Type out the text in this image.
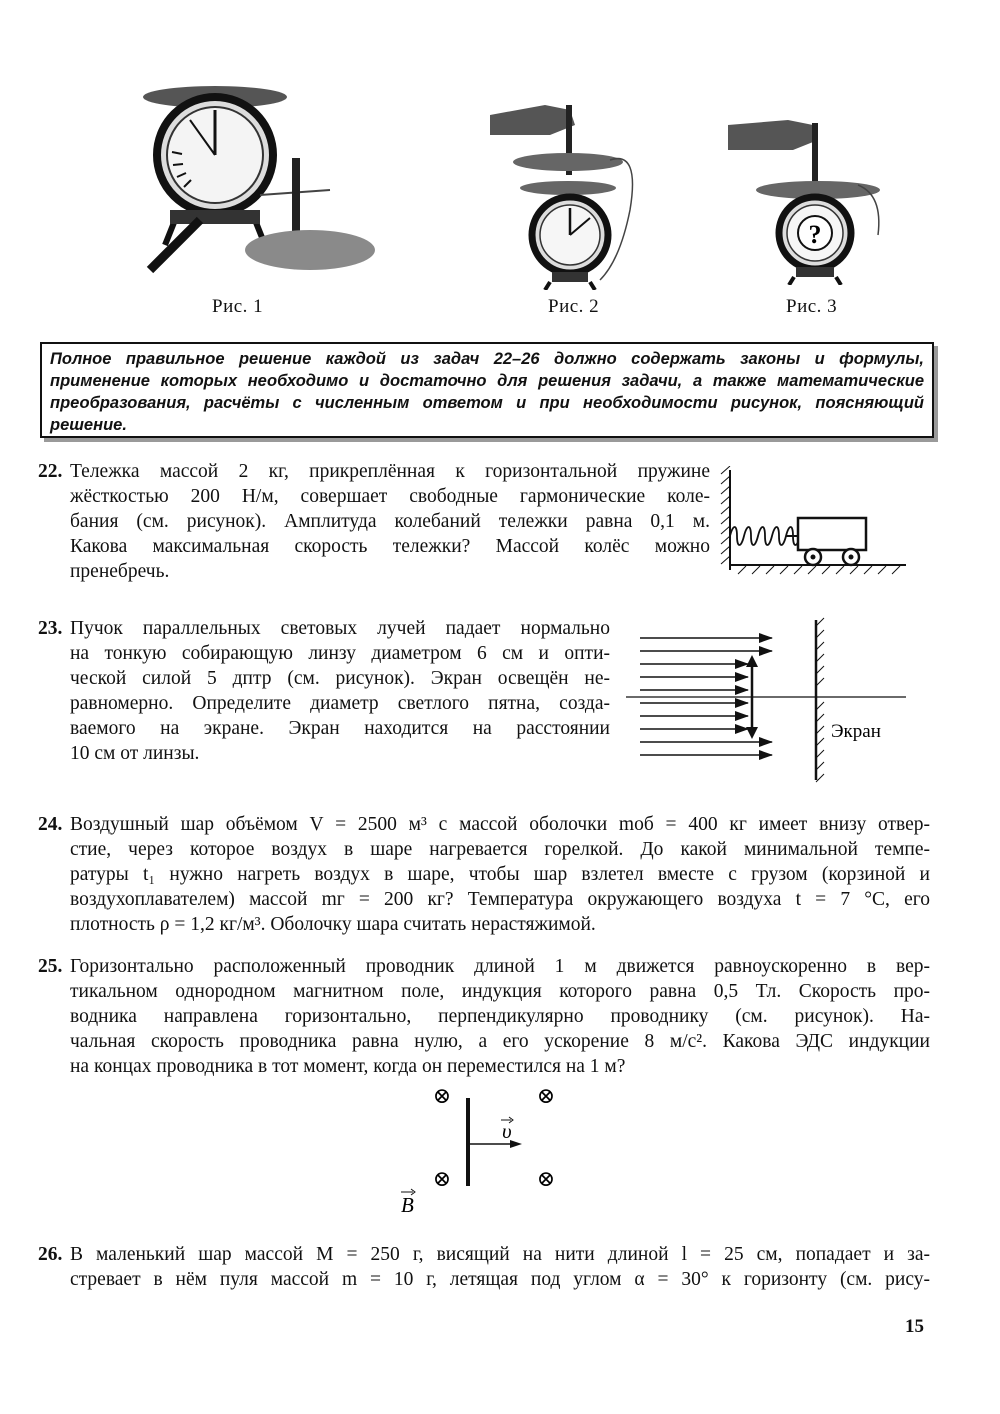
Рис. 1	Рис. 2
?
Рис. 3
Полное правильное решение каждой из задач 22–26 должно содержать законы и формулы,
применение которых необходимо и достаточно для решения задачи, а также математические
преобразования, расчёты с численным ответом и при необходимости рисунок, поясняющий
решение.
22. Тележка массой 2 кг, прикреплённая к горизонтальной пружине
жёсткостью 200 Н/м, совершает свободные гармонические коле-
бания (см. рисунок). Амплитуда колебаний тележки равна 0,1 м.
Какова максимальная скорость тележки? Массой колёс можно
пренебречь.
23. Пучок параллельных световых лучей падает нормально
на тонкую собирающую линзу диаметром 6 см и опти-
ческой силой 5 дптр (см. рисунок). Экран освещён не-
равномерно. Определите диаметр светлого пятна, созда-
ваемого на экране. Экран находится на расстоянии
10 см от линзы.
Экран
24. Воздушный шар объёмом V = 2500 м³ с массой оболочки mоб = 400 кг имеет внизу отвер-
стие, через которое воздух в шаре нагревается горелкой. До какой минимальной темпе-
ратуры t₁ нужно нагреть воздух в шаре, чтобы шар взлетел вместе с грузом (корзиной и
воздухоплавателем) массой mг = 200 кг? Температура окружающего воздуха t = 7 °С, его
плотность ρ = 1,2 кг/м³. Оболочку шара считать нерастяжимой.
25. Горизонтально расположенный проводник длиной 1 м движется равноускоренно в вер-
тикальном однородном магнитном поле, индукция которого равна 0,5 Тл. Скорость про-
водника направлена горизонтально, перпендикулярно проводнику (см. рисунок). На-
чальная скорость проводника равна нулю, а его ускорение 8 м/с². Какова ЭДС индукции
на концах проводника в тот момент, когда он переместился на 1 м?
⊗	⊗
⊗	⊗
υ
B
26. В маленький шар массой M = 250 г, висящий на нити длиной l = 25 см, попадает и за-
стревает в нём пуля массой m = 10 г, летящая под углом α = 30° к горизонту (см. рису-
15
